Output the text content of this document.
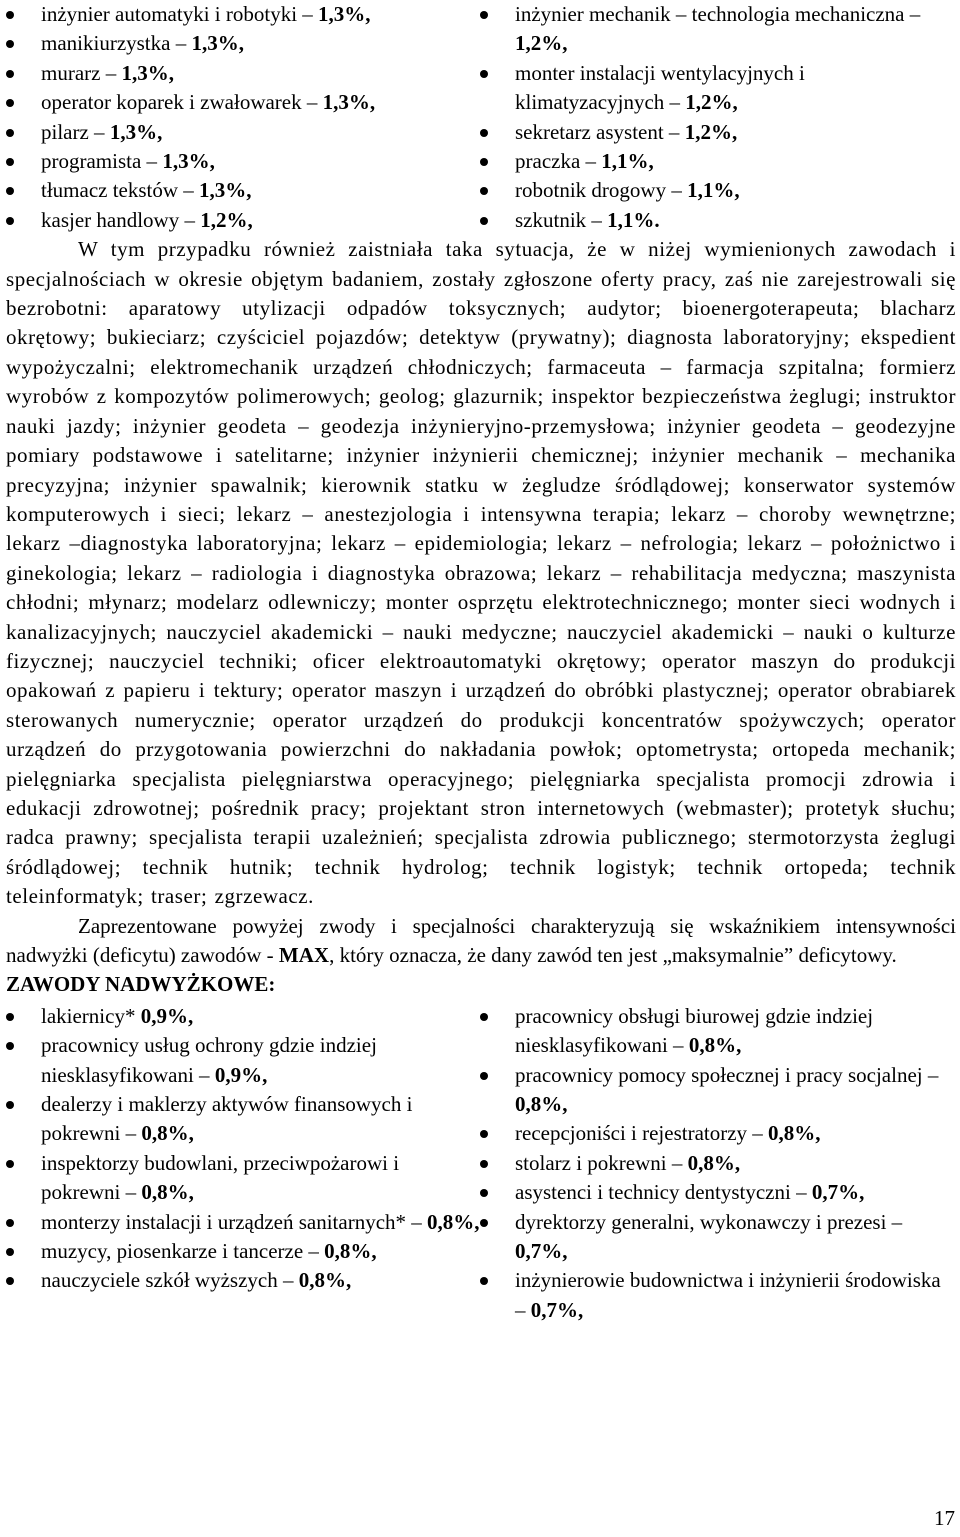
inżynier automatyki i robotyki – 1,3%,
manikiurzystka – 1,3%,
murarz – 1,3%,
operator koparek i zwałowarek – 1,3%,
pilarz – 1,3%,
programista – 1,3%,
tłumacz tekstów – 1,3%,
kasjer handlowy – 1,2%,
inżynier mechanik – technologia mechaniczna – 1,2%,
monter instalacji wentylacyjnych i klimatyzacyjnych – 1,2%,
sekretarz asystent – 1,2%,
praczka – 1,1%,
robotnik drogowy – 1,1%,
szkutnik – 1,1%.

W tym przypadku również zaistniała taka sytuacja, że w niżej wymienionych zawodach i specjalnościach w okresie objętym badaniem, zostały zgłoszone oferty pracy, zaś nie zarejestrowali się bezrobotni: aparatowy utylizacji odpadów toksycznych; audytor; bioenergoterapeuta; blacharz okrętowy; bukieciarz; czyściciel pojazdów; detektyw (prywatny); diagnosta laboratoryjny; ekspedient wypożyczalni; elektromechanik urządzeń chłodniczych; farmaceuta – farmacja szpitalna; formierz wyrobów z kompozytów polimerowych; geolog; glazurnik; inspektor bezpieczeństwa żeglugi; instruktor nauki jazdy; inżynier geodeta – geodezja inżynieryjno-przemysłowa; inżynier geodeta – geodezyjne pomiary podstawowe i satelitarne; inżynier inżynierii chemicznej; inżynier mechanik – mechanika precyzyjna; inżynier spawalnik; kierownik statku w żegludze śródlądowej; konserwator systemów komputerowych i sieci; lekarz – anestezjologia i intensywna terapia; lekarz – choroby wewnętrzne; lekarz –diagnostyka laboratoryjna; lekarz – epidemiologia; lekarz – nefrologia; lekarz – położnictwo i ginekologia; lekarz – radiologia i diagnostyka obrazowa; lekarz – rehabilitacja medyczna; maszynista chłodni; młynarz; modelarz odlewniczy; monter osprzętu elektrotechnicznego; monter sieci wodnych i kanalizacyjnych; nauczyciel akademicki – nauki medyczne; nauczyciel akademicki – nauki o kulturze fizycznej; nauczyciel techniki; oficer elektroautomatyki okrętowy; operator maszyn do produkcji opakowań z papieru i tektury; operator maszyn i urządzeń do obróbki plastycznej; operator obrabiarek sterowanych numerycznie; operator urządzeń do produkcji koncentratów spożywczych; operator urządzeń do przygotowania powierzchni do nakładania powłok; optometrysta; ortopeda mechanik; pielęgniarka specjalista pielęgniarstwa operacyjnego; pielęgniarka specjalista promocji zdrowia i edukacji zdrowotnej; pośrednik pracy; projektant stron internetowych (webmaster); protetyk słuchu; radca prawny; specjalista terapii uzależnień; specjalista zdrowia publicznego; stermotorzysta żeglugi śródlądowej; technik hutnik; technik hydrolog; technik logistyk; technik ortopeda; technik teleinformatyk; traser; zgrzewacz.

Zaprezentowane powyżej zwody i specjalności charakteryzują się wskaźnikiem intensywności nadwyżki (deficytu) zawodów - MAX, który oznacza, że dany zawód ten jest „maksymalnie” deficytowy.

ZAWODY NADWYŻKOWE:
lakiernicy* 0,9%,
pracownicy usług ochrony gdzie indziej niesklasyfikowani – 0,9%,
dealerzy i maklerzy aktywów finansowych i pokrewni – 0,8%,
inspektorzy budowlani, przeciwpożarowi i pokrewni – 0,8%,
monterzy instalacji i urządzeń sanitarnych* – 0,8%,
muzycy, piosenkarze i tancerze – 0,8%,
nauczyciele szkół wyższych – 0,8%,
pracownicy obsługi biurowej gdzie indziej niesklasyfikowani – 0,8%,
pracownicy pomocy społecznej i pracy socjalnej – 0,8%,
recepcjoniści i rejestratorzy – 0,8%,
stolarz i pokrewni – 0,8%,
asystenci i technicy dentystyczni – 0,7%,
dyrektorzy generalni, wykonawczy i prezesi – 0,7%,
inżynierowie budownictwa i inżynierii środowiska – 0,7%,
17
